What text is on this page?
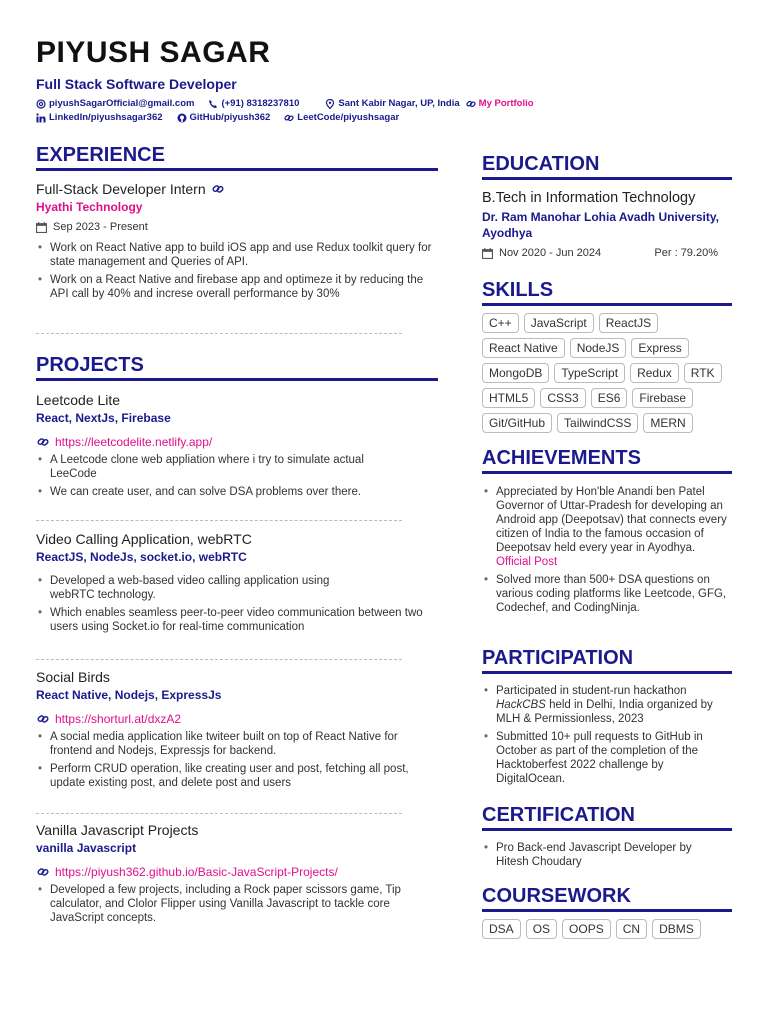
PIYUSH SAGAR
Full Stack Software Developer
piyushSagarOfficial@gmail.com	(+91) 8318237810	Sant Kabir Nagar, UP, India My Portfolio
LinkedIn/piyushsagar362	GitHub/piyush362	LeetCode/piyushsagar
EXPERIENCE
Full-Stack Developer Intern
Hyathi Technology
Sep 2023 - Present
• Work on React Native app to build iOS app and use Redux toolkit query for state management and Queries of API.
• Work on a React Native and firebase app and optimeze it by reducing the API call by 40% and increse overall performance by 30%
PROJECTS
Leetcode Lite
React, NextJs, Firebase
https://leetcodelite.netlify.app/
• A Leetcode clone web appliation where i try to simulate actual LeeCode
• We can create user, and can solve DSA problems over there.
Video Calling Application, webRTC
ReactJS, NodeJs, socket.io, webRTC
• Developed a web-based video calling application using webRTC technology.
• Which enables seamless peer-to-peer video communication between two users using Socket.io for real-time communication
Social Birds
React Native, Nodejs, ExpressJs
https://shorturl.at/dxzA2
• A social media application like twiteer built on top of React Native for frontend and Nodejs, Expressjs for backend.
• Perform CRUD operation, like creating user and post, fetching all post, update existing post, and delete post and users
Vanilla Javascript Projects
vanilla Javascript
https://piyush362.github.io/Basic-JavaScript-Projects/
• Developed a few projects, including a Rock paper scissors game, Tip calculator, and Clolor Flipper using Vanilla Javascript to tackle core JavaScript concepts.
EDUCATION
B.Tech in Information Technology
Dr. Ram Manohar Lohia Avadh University, Ayodhya
Nov 2020 - Jun 2024	Per : 79.20%
SKILLS
C++	JavaScript	ReactJS
React Native	NodeJS	Express
MongoDB	TypeScript	Redux	RTK
HTML5	CSS3	ES6	Firebase
Git/GitHub	TailwindCSS	MERN
ACHIEVEMENTS
• Appreciated by Hon'ble Anandi ben Patel Governor of Uttar-Pradesh for developing an Android app (Deepotsav) that connects every citizen of India to the famous occasion of Deepotsav held every year in Ayodhya. Official Post
• Solved more than 500+ DSA questions on various coding platforms like Leetcode, GFG, Codechef, and CodingNinja.
PARTICIPATION
• Participated in student-run hackathon HackCBS held in Delhi, India organized by MLH & Permissionless, 2023
• Submitted 10+ pull requests to GitHub in October as part of the completion of the Hacktoberfest 2022 challenge by DigitalOcean.
CERTIFICATION
• Pro Back-end Javascript Developer by Hitesh Choudary
COURSEWORK
DSA	OS	OOPS	CN	DBMS
